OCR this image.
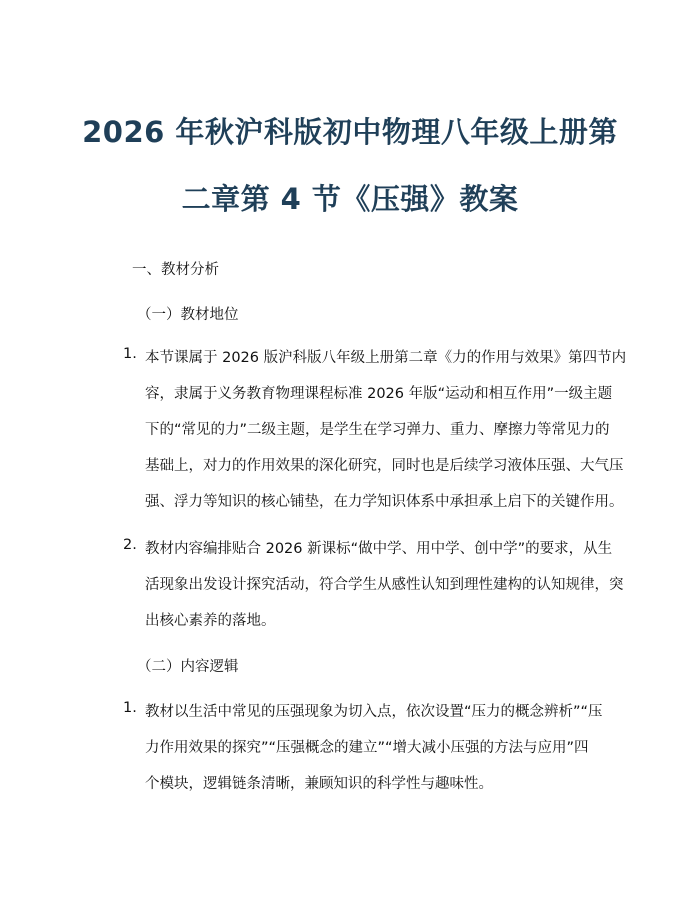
2026 年秋沪科版初中物理八年级上册第
二章第 4 节《压强》教案
一、教材分析
（一）教材地位
1. 本节课属于 2026 版沪科版八年级上册第二章《力的作用与效果》第四节内
容，隶属于义务教育物理课程标准 2026 年版“运动和相互作用”一级主题
下的“常见的力”二级主题，是学生在学习弹力、重力、摩擦力等常见力的
基础上，对力的作用效果的深化研究，同时也是后续学习液体压强、大气压
强、浮力等知识的核心铺垫，在力学知识体系中承担承上启下的关键作用。
2. 教材内容编排贴合 2026 新课标“做中学、用中学、创中学”的要求，从生
活现象出发设计探究活动，符合学生从感性认知到理性建构的认知规律，突
出核心素养的落地。
（二）内容逻辑
1. 教材以生活中常见的压强现象为切入点，依次设置“压力的概念辨析”“压
力作用效果的探究”“压强概念的建立”“增大减小压强的方法与应用”四
个模块，逻辑链条清晰，兼顾知识的科学性与趣味性。
